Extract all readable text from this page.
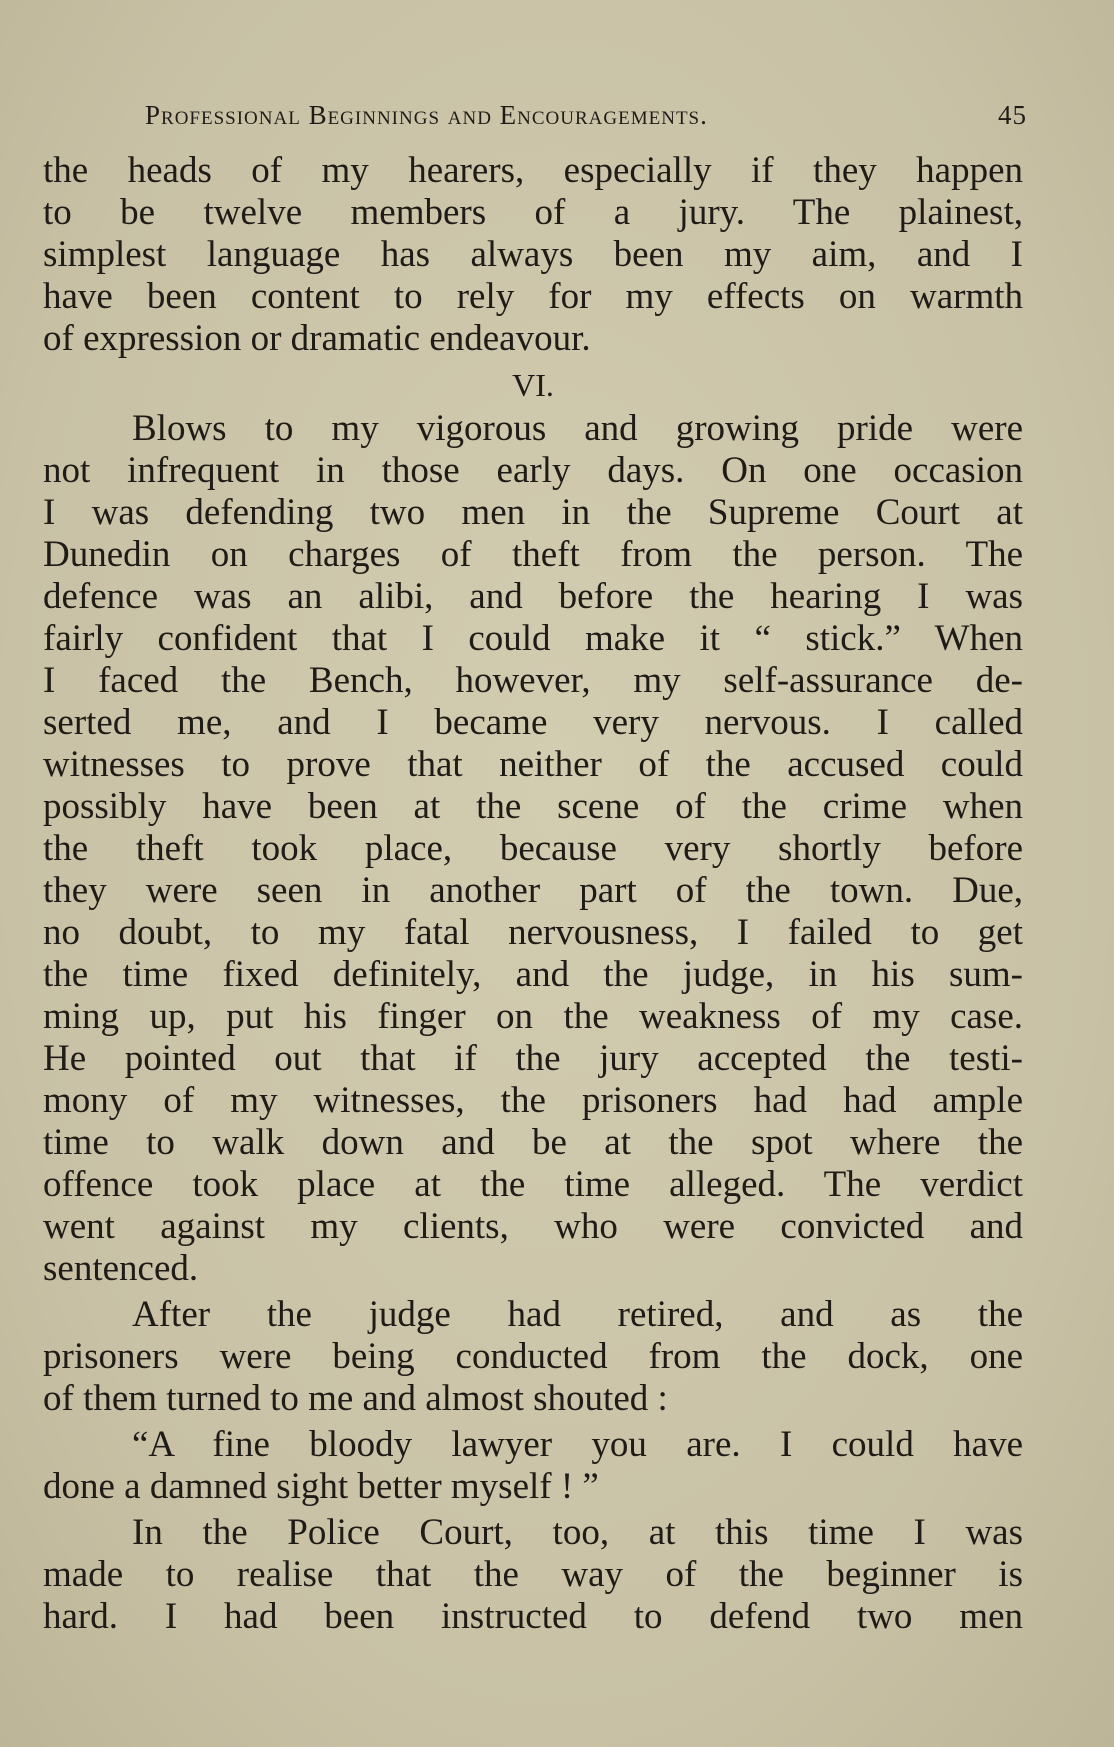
Professional Beginnings and Encouragements.	45
the heads of my hearers, especially if they happen
to be twelve members of a jury. The plainest,
simplest language has always been my aim, and I
have been content to rely for my effects on warmth
of expression or dramatic endeavour.
VI.
Blows to my vigorous and growing pride were
not infrequent in those early days. On one occasion
I was defending two men in the Supreme Court at
Dunedin on charges of theft from the person. The
defence was an alibi, and before the hearing I was
fairly confident that I could make it “ stick.” When
I faced the Bench, however, my self-assurance de-
serted me, and I became very nervous. I called
witnesses to prove that neither of the accused could
possibly have been at the scene of the crime when
the theft took place, because very shortly before
they were seen in another part of the town. Due,
no doubt, to my fatal nervousness, I failed to get
the time fixed definitely, and the judge, in his sum-
ming up, put his finger on the weakness of my case.
He pointed out that if the jury accepted the testi-
mony of my witnesses, the prisoners had had ample
time to walk down and be at the spot where the
offence took place at the time alleged. The verdict
went against my clients, who were convicted and
sentenced.
After the judge had retired, and as the
prisoners were being conducted from the dock, one
of them turned to me and almost shouted :
“A fine bloody lawyer you are. I could have
done a damned sight better myself ! ”
In the Police Court, too, at this time I was
made to realise that the way of the beginner is
hard. I had been instructed to defend two men
